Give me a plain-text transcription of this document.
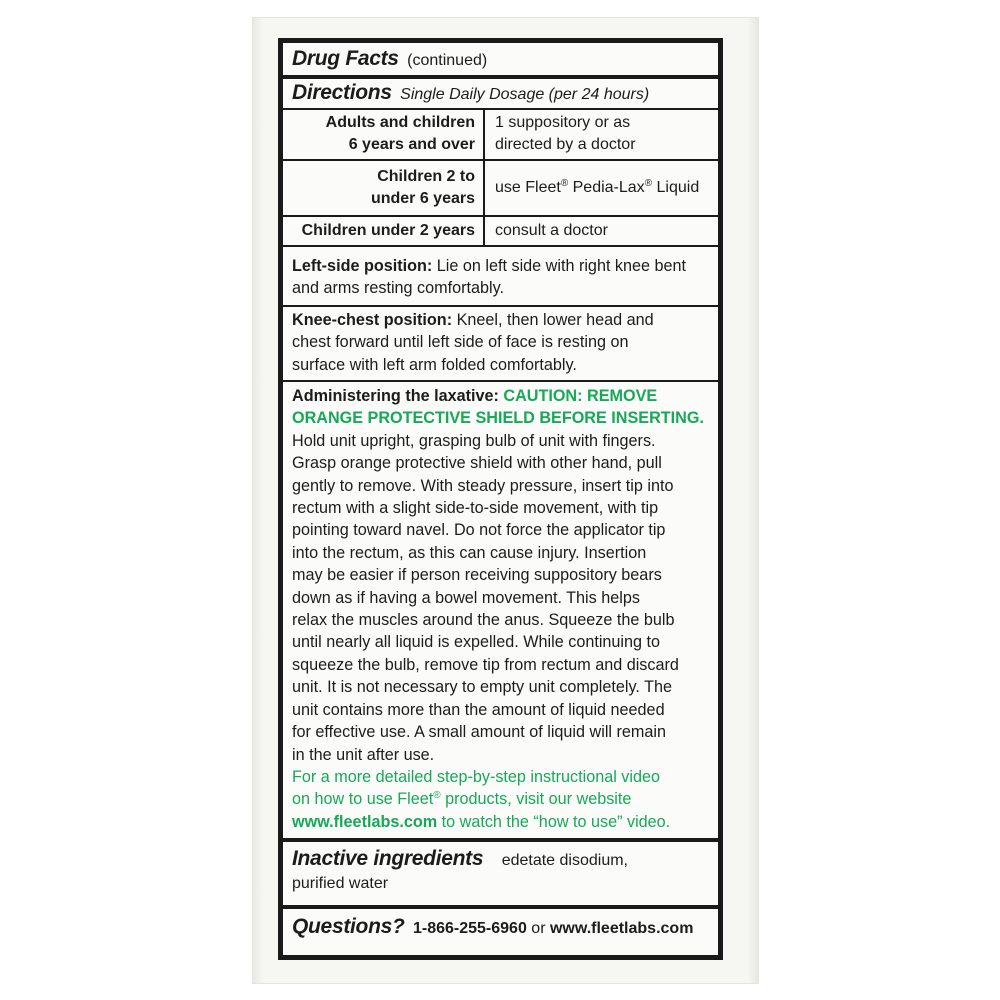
Drug Facts (continued)
Directions Single Daily Dosage (per 24 hours)
Adults and children
6 years and over	1 suppository or as
directed by a doctor

Children 2 to
under 6 years	use Fleet® Pedia-Lax® Liquid

Children under 2 years	consult a doctor
Left-side position: Lie on left side with right knee bent
and arms resting comfortably.
Knee-chest position: Kneel, then lower head and
chest forward until left side of face is resting on
surface with left arm folded comfortably.
Administering the laxative: CAUTION: REMOVE
ORANGE PROTECTIVE SHIELD BEFORE INSERTING.
Hold unit upright, grasping bulb of unit with fingers.
Grasp orange protective shield with other hand, pull
gently to remove. With steady pressure, insert tip into
rectum with a slight side-to-side movement, with tip
pointing toward navel. Do not force the applicator tip
into the rectum, as this can cause injury. Insertion
may be easier if person receiving suppository bears
down as if having a bowel movement. This helps
relax the muscles around the anus. Squeeze the bulb
until nearly all liquid is expelled. While continuing to
squeeze the bulb, remove tip from rectum and discard
unit. It is not necessary to empty unit completely. The
unit contains more than the amount of liquid needed
for effective use. A small amount of liquid will remain
in the unit after use.
For a more detailed step-by-step instructional video
on how to use Fleet® products, visit our website
www.fleetlabs.com to watch the “how to use” video.
Inactive ingredients edetate disodium,
purified water
Questions? 1-866-255-6960 or www.fleetlabs.com
